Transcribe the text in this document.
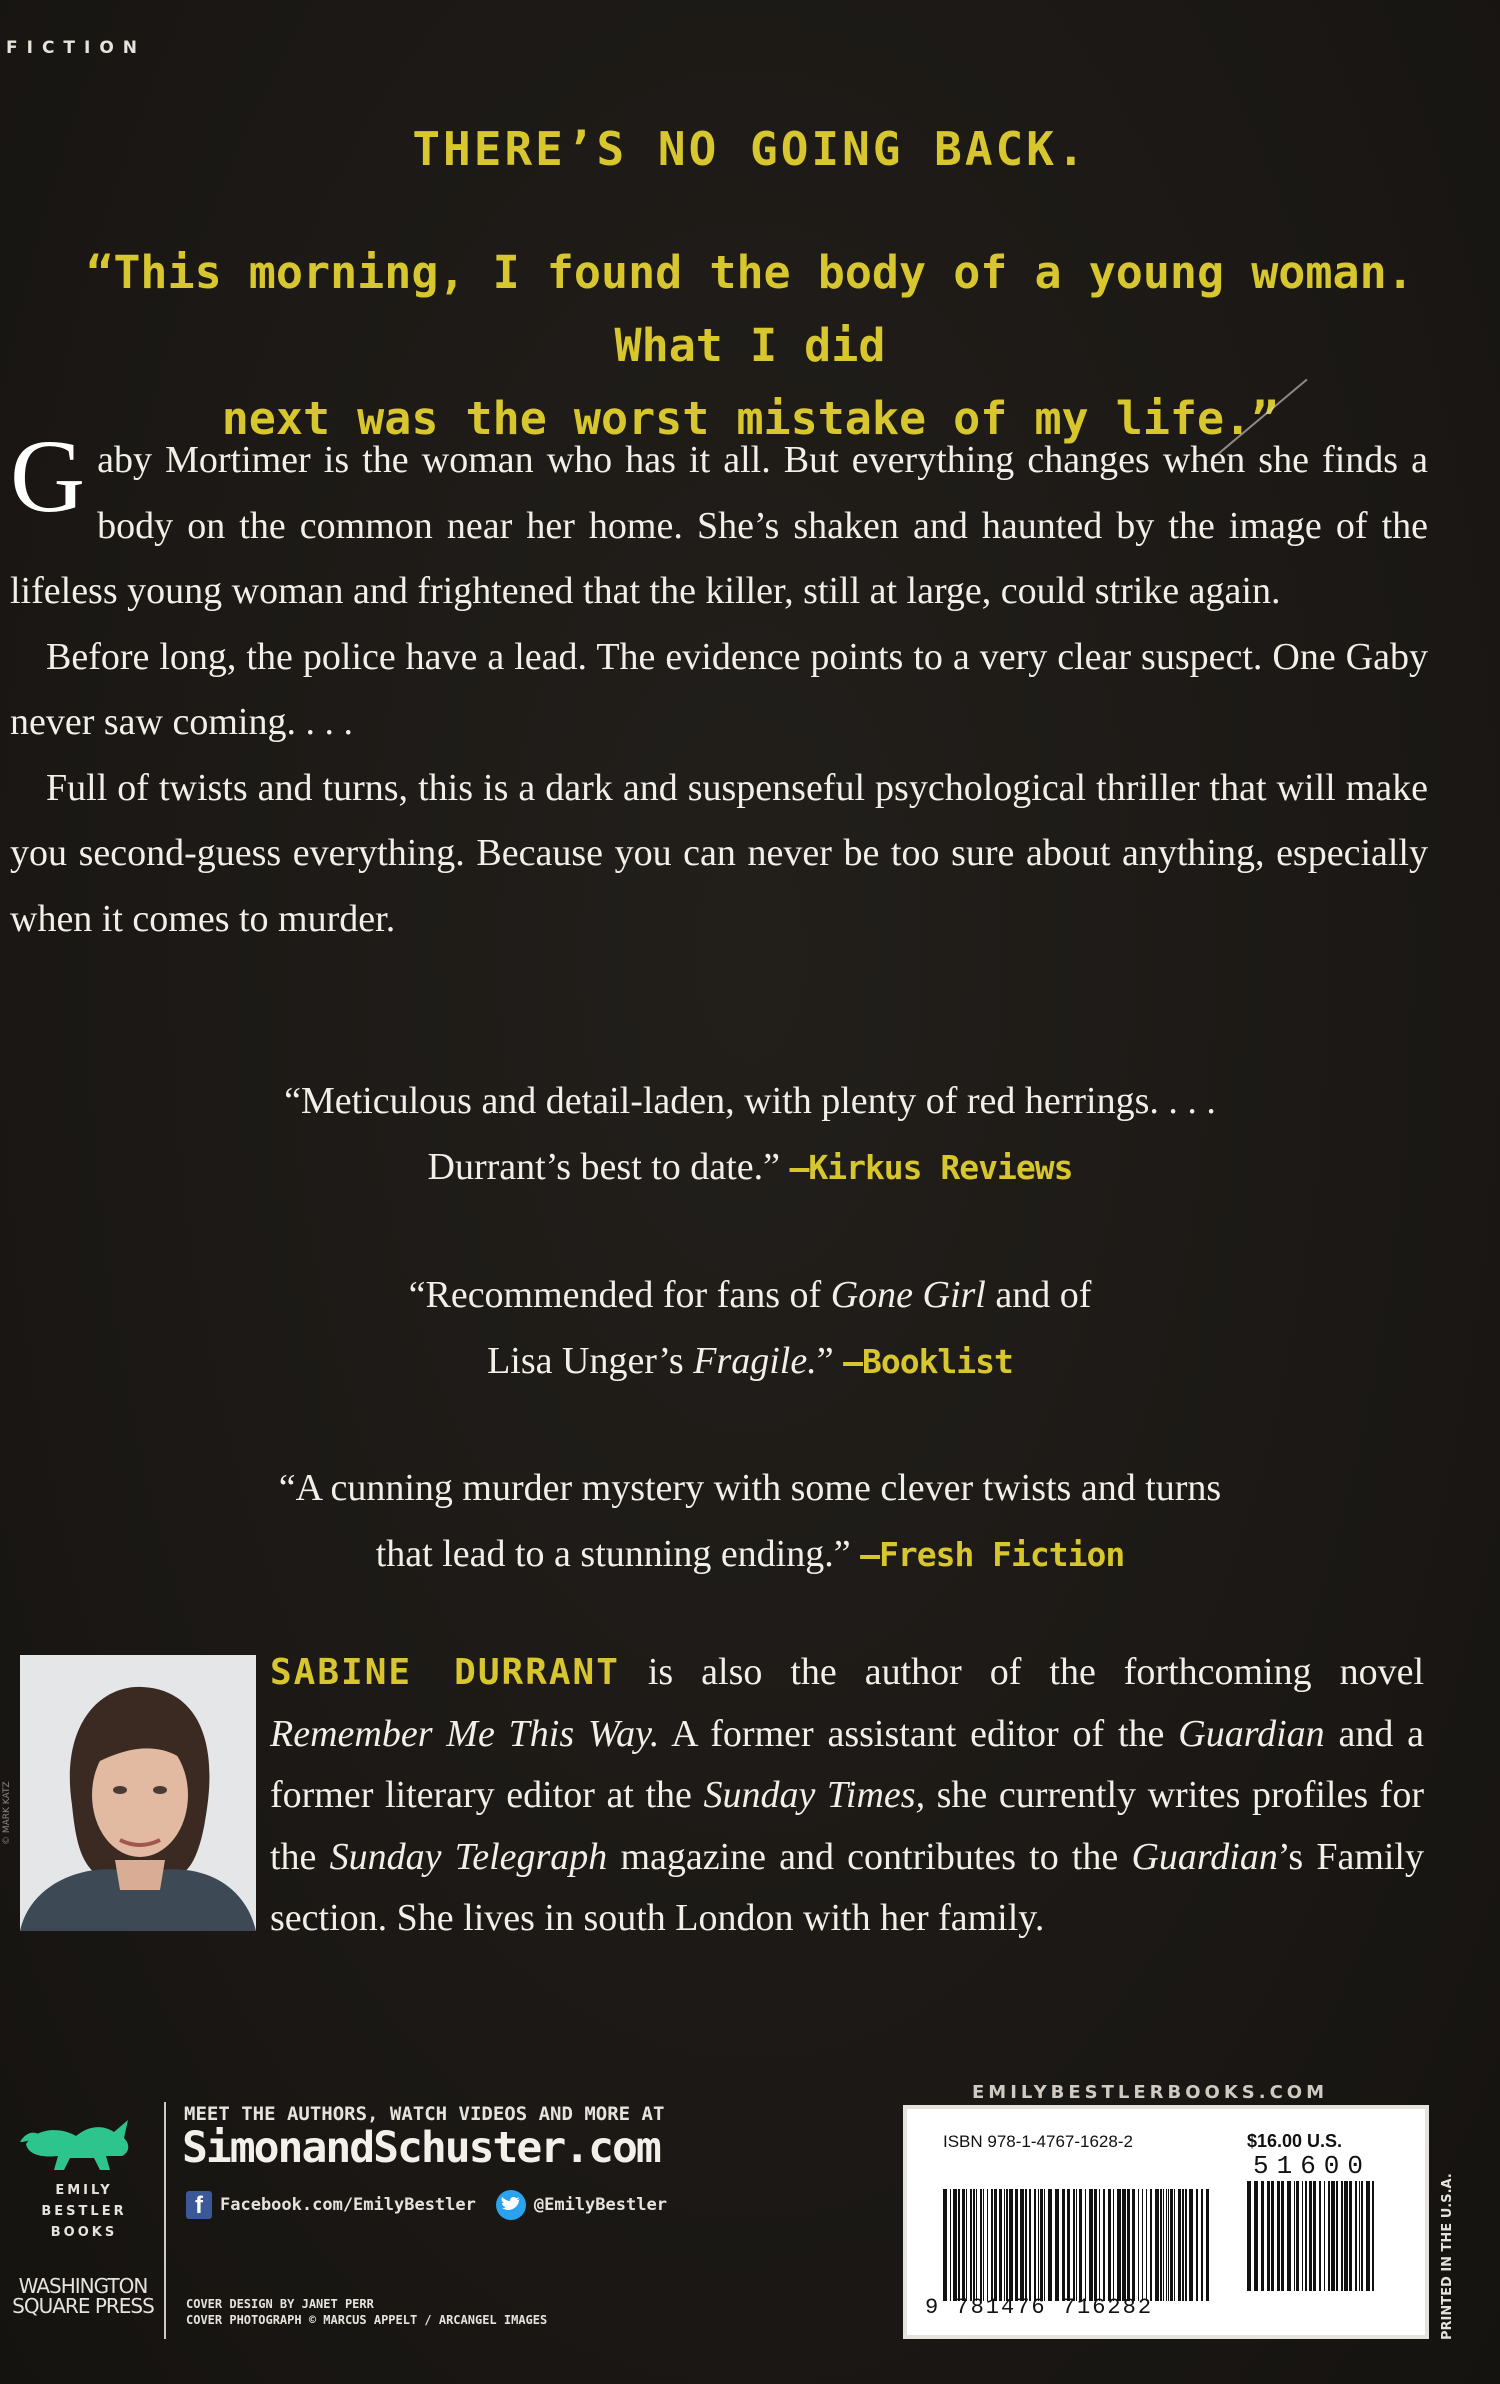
FICTION
THERE’S NO GOING BACK.
“This morning, I found the body of a young woman. What I did
next was the worst mistake of my life.”

Gaby Mortimer is the woman who has it all. But everything changes when she finds a body on the common near her home. She’s shaken and haunted by the image of the lifeless young woman and frightened that the killer, still at large, could strike again.

Before long, the police have a lead. The evidence points to a very clear suspect. One Gaby never saw coming. . . .

Full of twists and turns, this is a dark and suspenseful psychological thriller that will make you second-guess everything. Because you can never be too sure about anything, especially when it comes to murder.

“Meticulous and detail-laden, with plenty of red herrings. . . .
Durrant’s best to date.” —Kirkus Reviews
“Recommended for fans of Gone Girl and of
Lisa Unger’s Fragile.” —Booklist
“A cunning murder mystery with some clever twists and turns
that lead to a stunning ending.” —Fresh Fiction
© MARK KATZ
SABINE DURRANT is also the author of the forthcoming novel Remember Me This Way. A former assistant editor of the Guardian and a former literary editor at the Sunday Times, she currently writes profiles for the Sunday Telegraph magazine and contributes to the Guardian’s Family section. She lives in south London with her family.
EMILY BESTLER BOOKS
WASHINGTON
SQUARE PRESS
MEET THE AUTHORS, WATCH VIDEOS AND MORE AT
SimonandSchuster.com
f	Facebook.com/EmilyBestler	@EmilyBestler
COVER DESIGN BY JANET PERR
COVER PHOTOGRAPH © MARCUS APPELT / ARCANGEL IMAGES
EMILYBESTLERBOOKS.COM
ISBN 978-1-4767-1628-2	$16.00 U.S.
51600
9 781476 716282	PRINTED IN THE U.S.A.
